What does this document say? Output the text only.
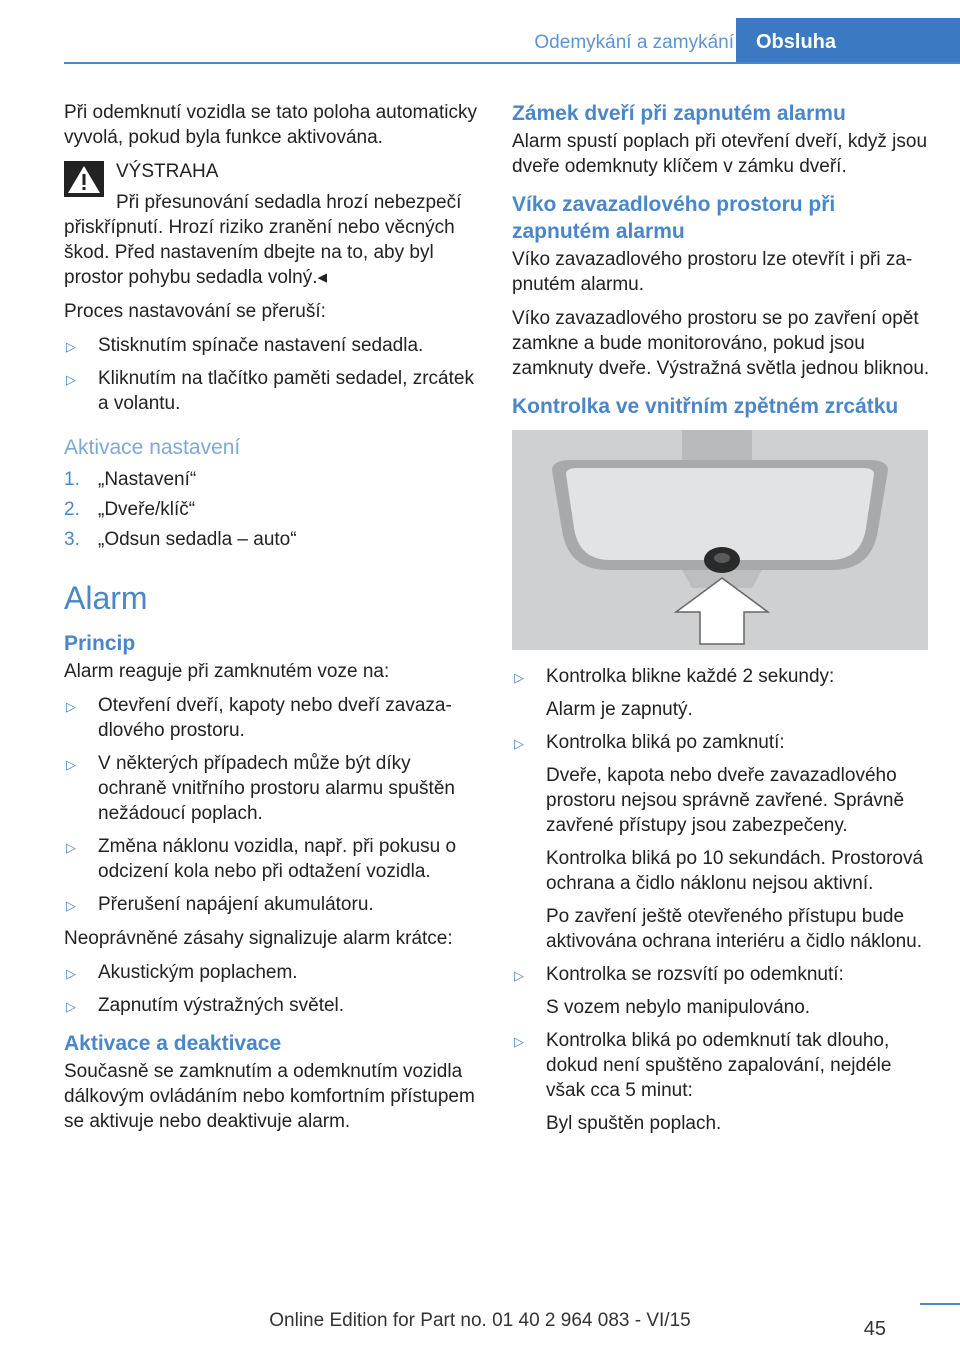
Odemykání a zamykání	Obsluha

Při odemknutí vozidla se tato poloha automaticky vyvolá, pokud byla funkce aktivována.

VÝSTRAHA
Při přesunování sedadla hrozí nebezpečí přiskřípnutí. Hrozí riziko zranění nebo věcných škod. Před nastavením dbejte na to, aby byl prostor pohybu sedadla volný.◂

Proces nastavování se přeruší:

▷ Stisknutím spínače nastavení sedadla.
▷ Kliknutím na tlačítko paměti sedadel, zrcátek a volantu.
Aktivace nastavení
1. „Nastavení“
2. „Dveře/klíč“
3. „Odsun sedadla – auto“
Alarm
Princip

Alarm reaguje při zamknutém voze na:

▷ Otevření dveří, kapoty nebo dveří zavazadlového prostoru.
▷ V některých případech může být díky ochraně vnitřního prostoru alarmu spuštěn nežádoucí poplach.
▷ Změna náklonu vozidla, např. při pokusu o odcizení kola nebo při odtažení vozidla.
▷ Přerušení napájení akumulátoru.

Neoprávněné zásahy signalizuje alarm krátce:

▷ Akustickým poplachem.
▷ Zapnutím výstražných světel.
Aktivace a deaktivace

Současně se zamknutím a odemknutím vozidla dálkovým ovládáním nebo komfortním přístupem se aktivuje nebo deaktivuje alarm.

Zámek dveří při zapnutém alarmu

Alarm spustí poplach při otevření dveří, když jsou dveře odemknuty klíčem v zámku dveří.

Víko zavazadlového prostoru při zapnutém alarmu

Víko zavazadlového prostoru lze otevřít i při zapnutém alarmu.

Víko zavazadlového prostoru se po zavření opět zamkne a bude monitorováno, pokud jsou zamknuty dveře. Výstražná světla jednou bliknou.

Kontrolka ve vnitřním zpětném zrcátku
▷ Kontrolka blikne každé 2 sekundy:
Alarm je zapnutý.
▷ Kontrolka bliká po zamknutí:
Dveře, kapota nebo dveře zavazadlového prostoru nejsou správně zavřené. Správně zavřené přístupy jsou zabezpečeny.
Kontrolka bliká po 10 sekundách. Prostorová ochrana a čidlo náklonu nejsou aktivní.
Po zavření ještě otevřeného přístupu bude aktivována ochrana interiéru a čidlo náklonu.
▷ Kontrolka se rozsvítí po odemknutí:
S vozem nebylo manipulováno.
▷ Kontrolka bliká po odemknutí tak dlouho, dokud není spuštěno zapalování, nejdéle však cca 5 minut:
Byl spuštěn poplach.
Online Edition for Part no. 01 40 2 964 083 - VI/15	45
